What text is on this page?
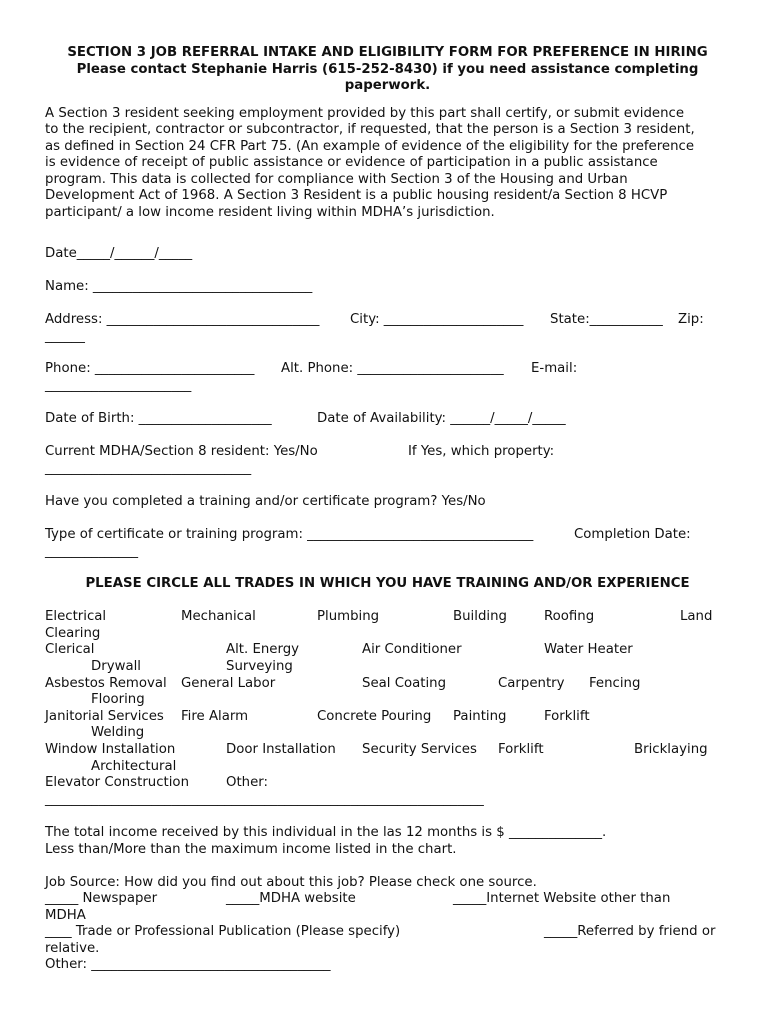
SECTION 3 JOB REFERRAL INTAKE AND ELIGIBILITY FORM FOR PREFERENCE IN HIRING
Please contact Stephanie Harris (615-252-8430) if you need assistance completing
paperwork.
A Section 3 resident seeking employment provided by this part shall certify, or submit evidence
to the recipient, contractor or subcontractor, if requested, that the person is a Section 3 resident,
as defined in Section 24 CFR Part 75. (An example of evidence of the eligibility for the preference
is evidence of receipt of public assistance or evidence of participation in a public assistance
program. This data is collected for compliance with Section 3 of the Housing and Urban
Development Act of 1968. A Section 3 Resident is a public housing resident/a Section 8 HCVP
participant/ a low income resident living within MDHA’s jurisdiction.
Date_____/______/_____
Name: _________________________________
Address: ________________________________ City: _____________________ State:___________ Zip:
______
Phone: ________________________ Alt. Phone: ______________________ E-mail:
______________________
Date of Birth: ____________________	Date of Availability: ______/_____/_____
Current MDHA/Section 8 resident: Yes/No	If Yes, which property:
_______________________________
Have you completed a training and/or certificate program? Yes/No
Type of certificate or training program: __________________________________	Completion Date:
______________
PLEASE CIRCLE ALL TRADES IN WHICH YOU HAVE TRAINING AND/OR EXPERIENCE
Electrical	Mechanical	Plumbing	Building	Roofing	Land
Clearing
Clerical	Alt. Energy	Air Conditioner	Water Heater
Drywall	Surveying
Asbestos Removal General Labor	Seal Coating	Carpentry Fencing
Flooring
Janitorial Services Fire Alarm	Concrete Pouring Painting	Forklift
Welding
Window Installation	Door Installation Security Services Forklift	Bricklaying
Architectural
Elevator Construction	Other:
__________________________________________________________________
The total income received by this individual in the las 12 months is $ ______________.
Less than/More than the maximum income listed in the chart.
Job Source: How did you find out about this job? Please check one source.
_____ Newspaper	_____MDHA website	_____Internet Website other than
MDHA
____ Trade or Professional Publication (Please specify)	_____Referred by friend or
relative.
Other: ____________________________________
